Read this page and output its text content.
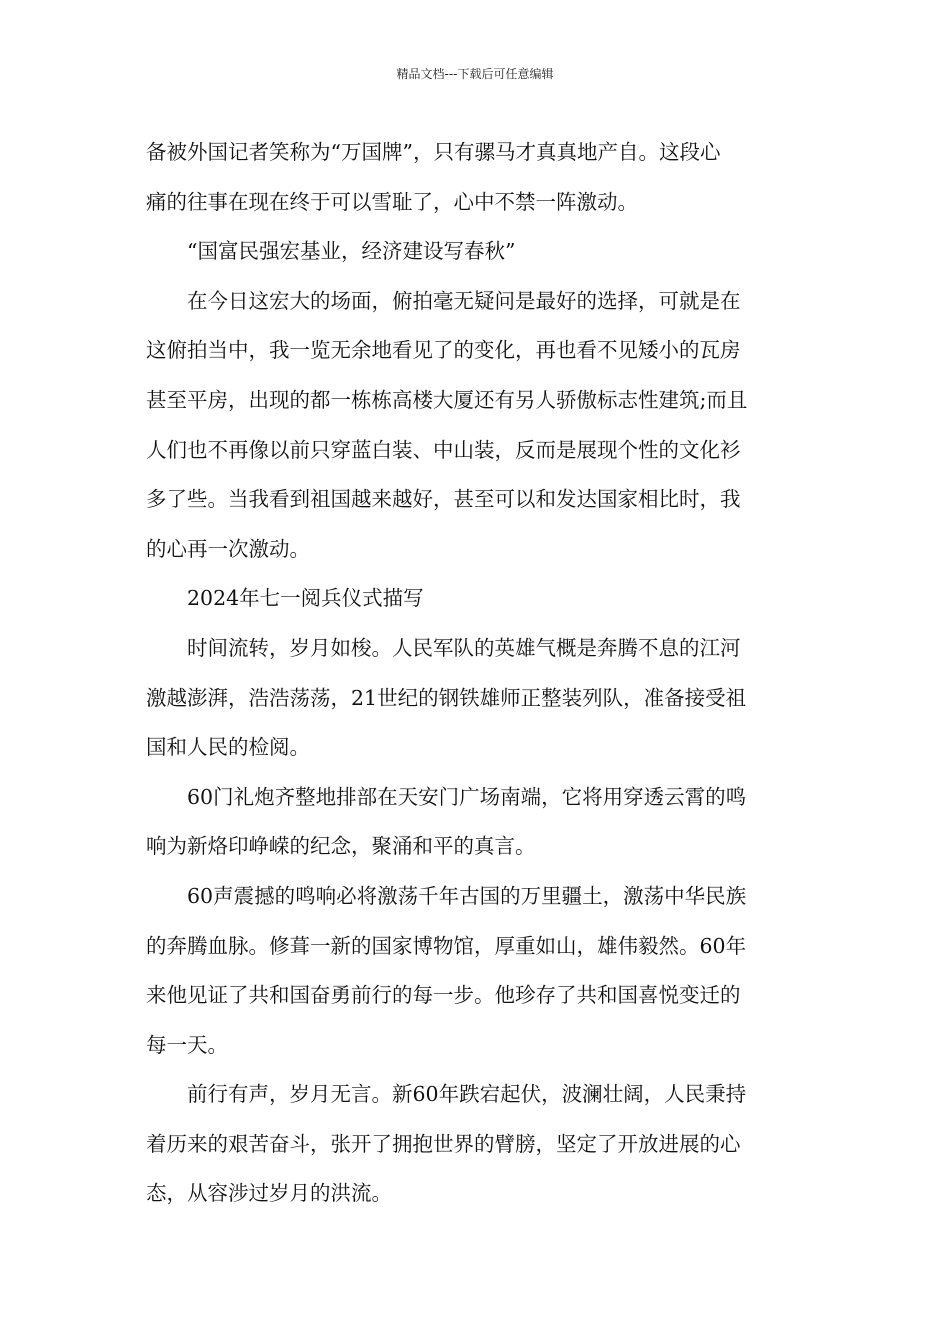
精品文档---下载后可任意编辑

备被外国记者笑称为“万国牌”，只有骡马才真真地产自。这段心
痛的往事在现在终于可以雪耻了，心中不禁一阵激动。

“国富民强宏基业，经济建设写春秋”

在今日这宏大的场面，俯拍毫无疑问是最好的选择，可就是在
这俯拍当中，我一览无余地看见了的变化，再也看不见矮小的瓦房
甚至平房，出现的都一栋栋高楼大厦还有另人骄傲标志性建筑;而且
人们也不再像以前只穿蓝白装、中山装，反而是展现个性的文化衫
多了些。当我看到祖国越来越好，甚至可以和发达国家相比时，我
的心再一次激动。

2024年七一阅兵仪式描写

时间流转，岁月如梭。人民军队的英雄气概是奔腾不息的江河
激越澎湃，浩浩荡荡，21世纪的钢铁雄师正整装列队，准备接受祖
国和人民的检阅。

60门礼炮齐整地排部在天安门广场南端，它将用穿透云霄的鸣
响为新烙印峥嵘的纪念，聚涌和平的真言。

60声震撼的鸣响必将激荡千年古国的万里疆土，激荡中华民族
的奔腾血脉。修葺一新的国家博物馆，厚重如山，雄伟毅然。60年
来他见证了共和国奋勇前行的每一步。他珍存了共和国喜悦变迁的
每一天。

前行有声，岁月无言。新60年跌宕起伏，波澜壮阔，人民秉持
着历来的艰苦奋斗，张开了拥抱世界的臂膀，坚定了开放进展的心
态，从容涉过岁月的洪流。
